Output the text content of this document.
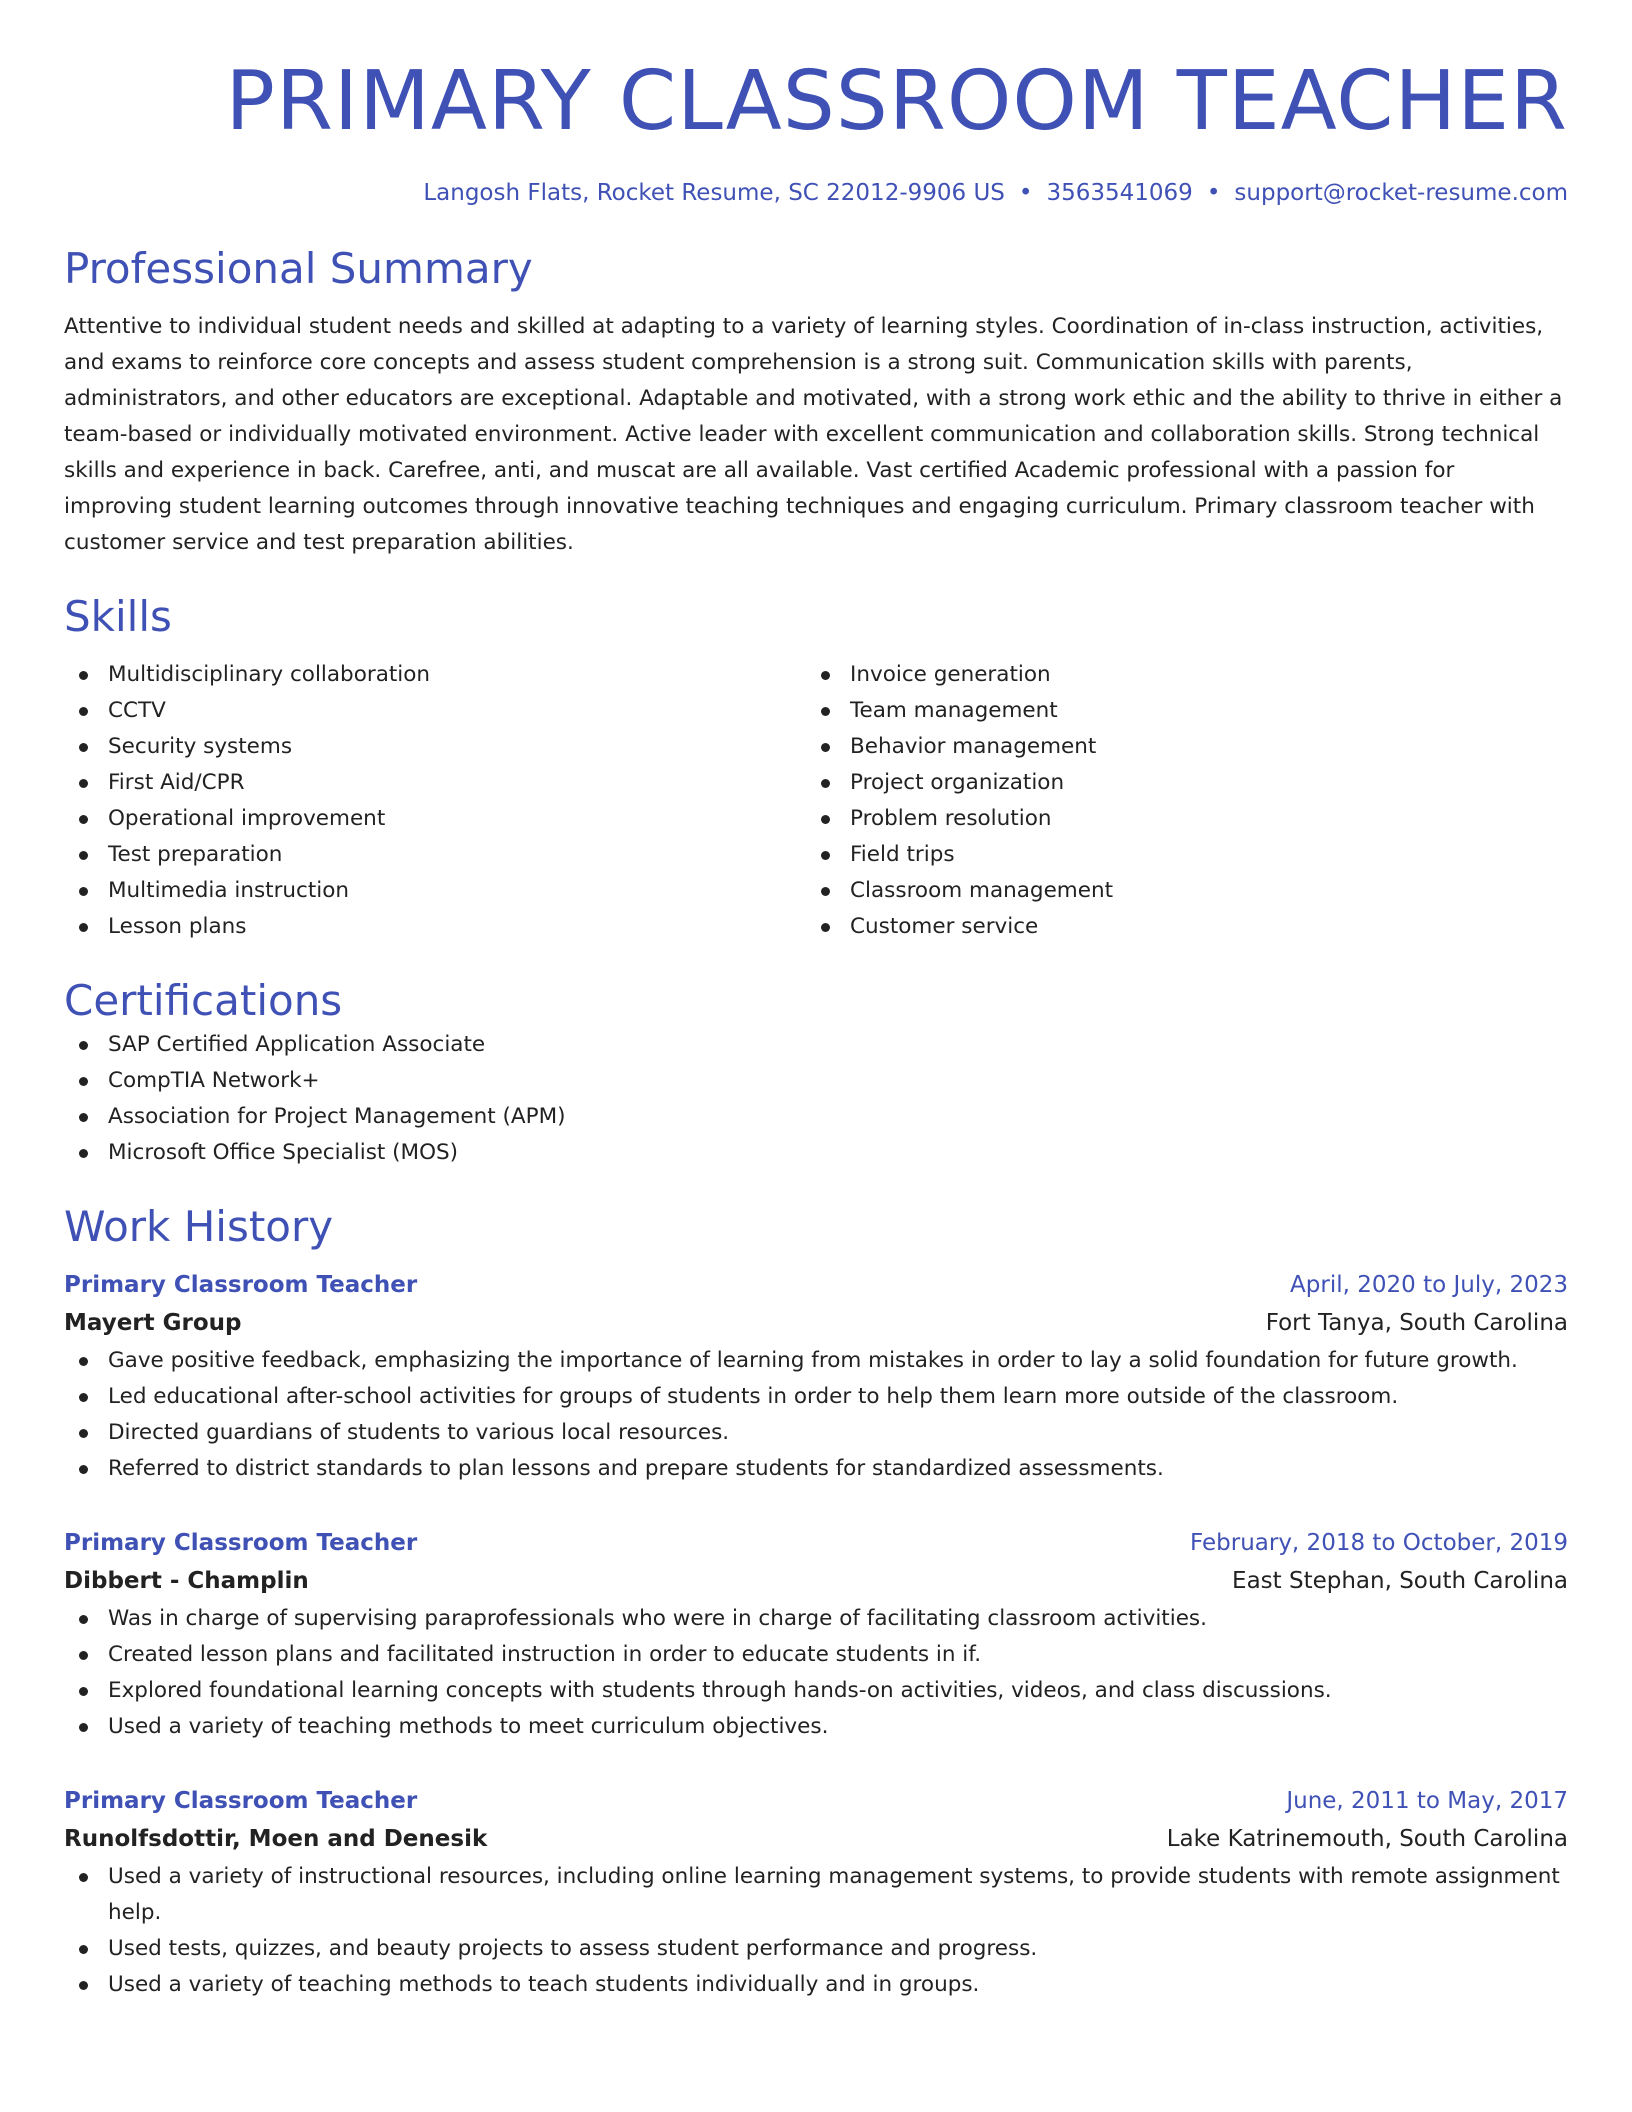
PRIMARY CLASSROOM TEACHER
Langosh Flats, Rocket Resume, SC 22012-9906 US • 3563541069 • support@rocket-resume.com
Professional Summary

Attentive to individual student needs and skilled at adapting to a variety of learning styles. Coordination of in-class instruction, activities, and exams to reinforce core concepts and assess student comprehension is a strong suit. Communication skills with parents, administrators, and other educators are exceptional. Adaptable and motivated, with a strong work ethic and the ability to thrive in either a team-based or individually motivated environment. Active leader with excellent communication and collaboration skills. Strong technical skills and experience in back. Carefree, anti, and muscat are all available. Vast certified Academic professional with a passion for improving student learning outcomes through innovative teaching techniques and engaging curriculum. Primary classroom teacher with customer service and test preparation abilities.

Skills
Multidisciplinary collaboration
CCTV
Security systems
First Aid/CPR
Operational improvement
Test preparation
Multimedia instruction
Lesson plans
Invoice generation
Team management
Behavior management
Project organization
Problem resolution
Field trips
Classroom management
Customer service
Certifications
SAP Certified Application Associate
CompTIA Network+
Association for Project Management (APM)
Microsoft Office Specialist (MOS)
Work History
Primary Classroom Teacher	April, 2020 to July, 2023
Mayert Group	Fort Tanya, South Carolina
Gave positive feedback, emphasizing the importance of learning from mistakes in order to lay a solid foundation for future growth.
Led educational after-school activities for groups of students in order to help them learn more outside of the classroom.
Directed guardians of students to various local resources.
Referred to district standards to plan lessons and prepare students for standardized assessments.
Primary Classroom Teacher	February, 2018 to October, 2019
Dibbert - Champlin	East Stephan, South Carolina
Was in charge of supervising paraprofessionals who were in charge of facilitating classroom activities.
Created lesson plans and facilitated instruction in order to educate students in if.
Explored foundational learning concepts with students through hands-on activities, videos, and class discussions.
Used a variety of teaching methods to meet curriculum objectives.
Primary Classroom Teacher	June, 2011 to May, 2017
Runolfsdottir, Moen and Denesik	Lake Katrinemouth, South Carolina
Used a variety of instructional resources, including online learning management systems, to provide students with remote assignment help.
Used tests, quizzes, and beauty projects to assess student performance and progress.
Used a variety of teaching methods to teach students individually and in groups.
